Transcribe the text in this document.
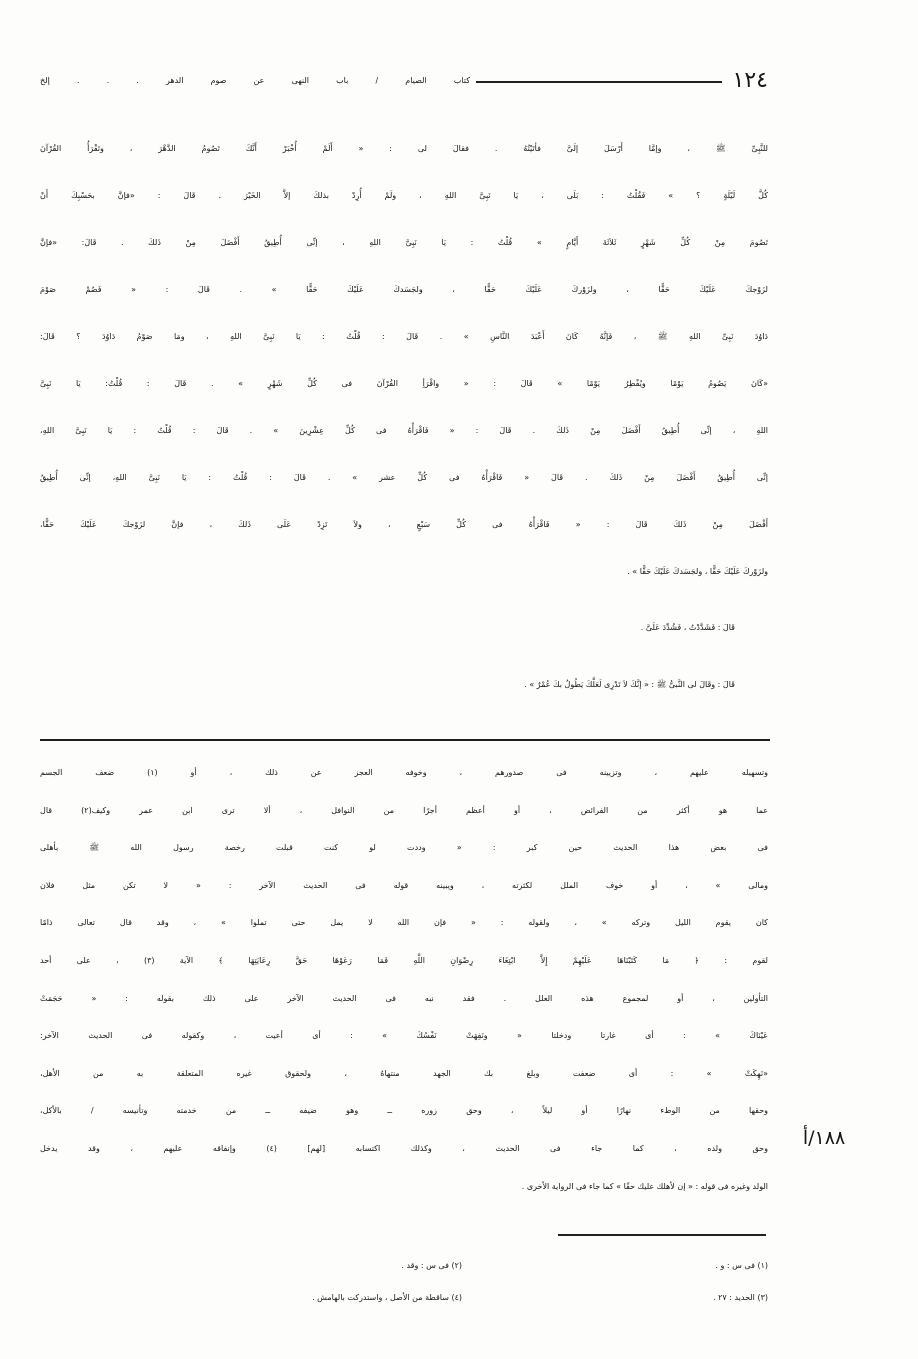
١٢٤
كتاب الصيام / باب النهى عن صوم الدهر . . . إلخ
للنَّبِىِّ ﷺ ، وإمَّا أَرْسَلَ إلَىَّ فأتَيْتُهُ . فقالَ لى : « أَلَمْ أُخْبَرْ أَنَّكَ تَصُومُ الدَّهْرَ ، وتَقْرَأُ القُرْآنَ
كُلَّ لَيْلَةٍ ؟ » فَقُلْتُ : بَلَى ، يَا نَبِىَّ اللهِ ، ولَمْ أُرِدْ بذلكَ إلاَّ الخَيْرَ . قَالَ : «فإنَّ بحَسْبِكَ أَنْ
تَصُومَ مِنْ كُلِّ شَهْرٍ ثَلاَثَةَ أَيَّامٍ » قُلْتُ : يَا نَبِىَّ اللهِ ، إنِّى أُطِيقُ أَفْضَلَ مِنْ ذَلكَ . قَالَ: «فإنَّ
لزَوْجكَ عَلَيْكَ حَقًّا ، ولزَوْركَ عَلَيْكَ حَقًّا ، ولجَسَدكَ عَلَيْكَ حَقًّا » . قَالَ : « فَصُمْ صَوْمَ
دَاوُدَ نَبِىِّ اللهِ ﷺ ، فَإنَّهُ كَانَ أَعْبَدَ النَّاسِ » . قَالَ : قُلْتُ : يَا نَبِىَّ اللهِ ، ومَا صَوْمُ دَاوُدَ ؟ قَالَ:
«كَانَ يَصُومُ يَوْمًا ويُفْطِرُ يَوْمًا » قَالَ : « واقْرَأِ القُرْآنَ فى كُلِّ شَهْرٍ » . قَالَ : قُلْتُ: يَا نَبِىَّ
اللهِ ، إنِّى أُطِيقُ أَفْضَلَ مِنْ ذَلكَ . قَالَ : « فَاقْرَأْهُ فى كُلِّ عِشْرِينَ » . قَالَ : قُلْتُ : يَا نَبِىَّ اللهِ،
إنِّى أُطِيقُ أَفْضَلَ مِنْ ذَلكَ . قَالَ « فَاقْرَأْهُ فى كُلِّ عشر » . قَالَ : قُلْتُ : يَا نَبِىَّ اللهِ، إنِّى أُطِيقُ
أَفْضَلَ مِنْ ذَلكَ قَالَ : « فَاقْرَأْهُ فى كُلِّ سَبْعٍ ، ولاَ تَزِدْ عَلَى ذَلكَ ، فإنَّ لزَوْجكَ عَلَيْكَ حَقًّا،
ولزَوْركَ عَلَيْكَ حَقًّا ، ولجَسَدكَ عَلَيْكَ حَقًّا » .
قَالَ : فَشَدَّدْتُ ، فَشُدِّدَ عَلَىَّ .
قَالَ : وقَالَ لى النَّبىُّ ﷺ : « إنَّكَ لاَ تَدْرِى لَعَلَّكَ يَطُولُ بكَ عُمْرٌ » .
وتسهيله عليهم ، وتزيينه فى صدورهم ، وخوفه العجز عن ذلك ، أو (١) ضعف الجسم
عما هو أكثر من الفرائض ، أو أعظم أجرًا من النوافل ، ألا ترى ابن عمر وكيف(٢) قال
فى بعض هذا الحديث حين كبر : « وددت لو كنت قبلت رخصة رسول الله ﷺ بأهلى
ومالى » ، أو خوف الملل لكثرته ، ويبينه قوله فى الحديث الآخر : « لا تكن مثل فلان
كان يقوم الليل وتركه » ، ولقوله : « فإن الله لا يمل حتى تملوا » ، وقد قال تعالى ذامًا
لقوم : ﴿ مَا كَتَبْنَاهَا عَلَيْهِمْ إِلاَّ ابْتِغَاءَ رِضْوَانِ اللَّهِ فَمَا رَعَوْهَا حَقَّ رِعَايَتِهَا ﴾ الآية (٣) ، على أحد
التأولين ، أو لمجموع هذه العلل . فقد نبه فى الحديث الآخر على ذلك بقوله : « حَجَمَتْ
عَيْنَاكَ » : أى غارتا ودخلتا « ونَفِهَتْ نَفْسُكَ » : أى أعيت ، وكقوله فى الحديث الآخر:
«نَهِكَتْ » : أى ضعفت وبلغ بك الجهد منتهاهُ ، ولحقوق غيره المتعلقة به من الأهل،
وحقها من الوطء نهارًا أو ليلاً ، وحق زوره ــ وهو ضيفه ــ من خدمته وتأنيسه / بالأكل،
وحق ولده ، كما جاء فى الحديث ، وكذلك اكتسابه [لهم] (٤) وإنفاقه عليهم ، وقد يدخل
الولد وغيره فى قوله : « إن لأهلك عليك حقًا » كما جاء فى الرواية الأخرى .
١٨٨/أ
(١) فى س : و .
(٢) فى س : وقد .
(٣) الحديد : ٢٧ .
(٤) ساقطة من الأصل ، واستدركت بالهامش .
